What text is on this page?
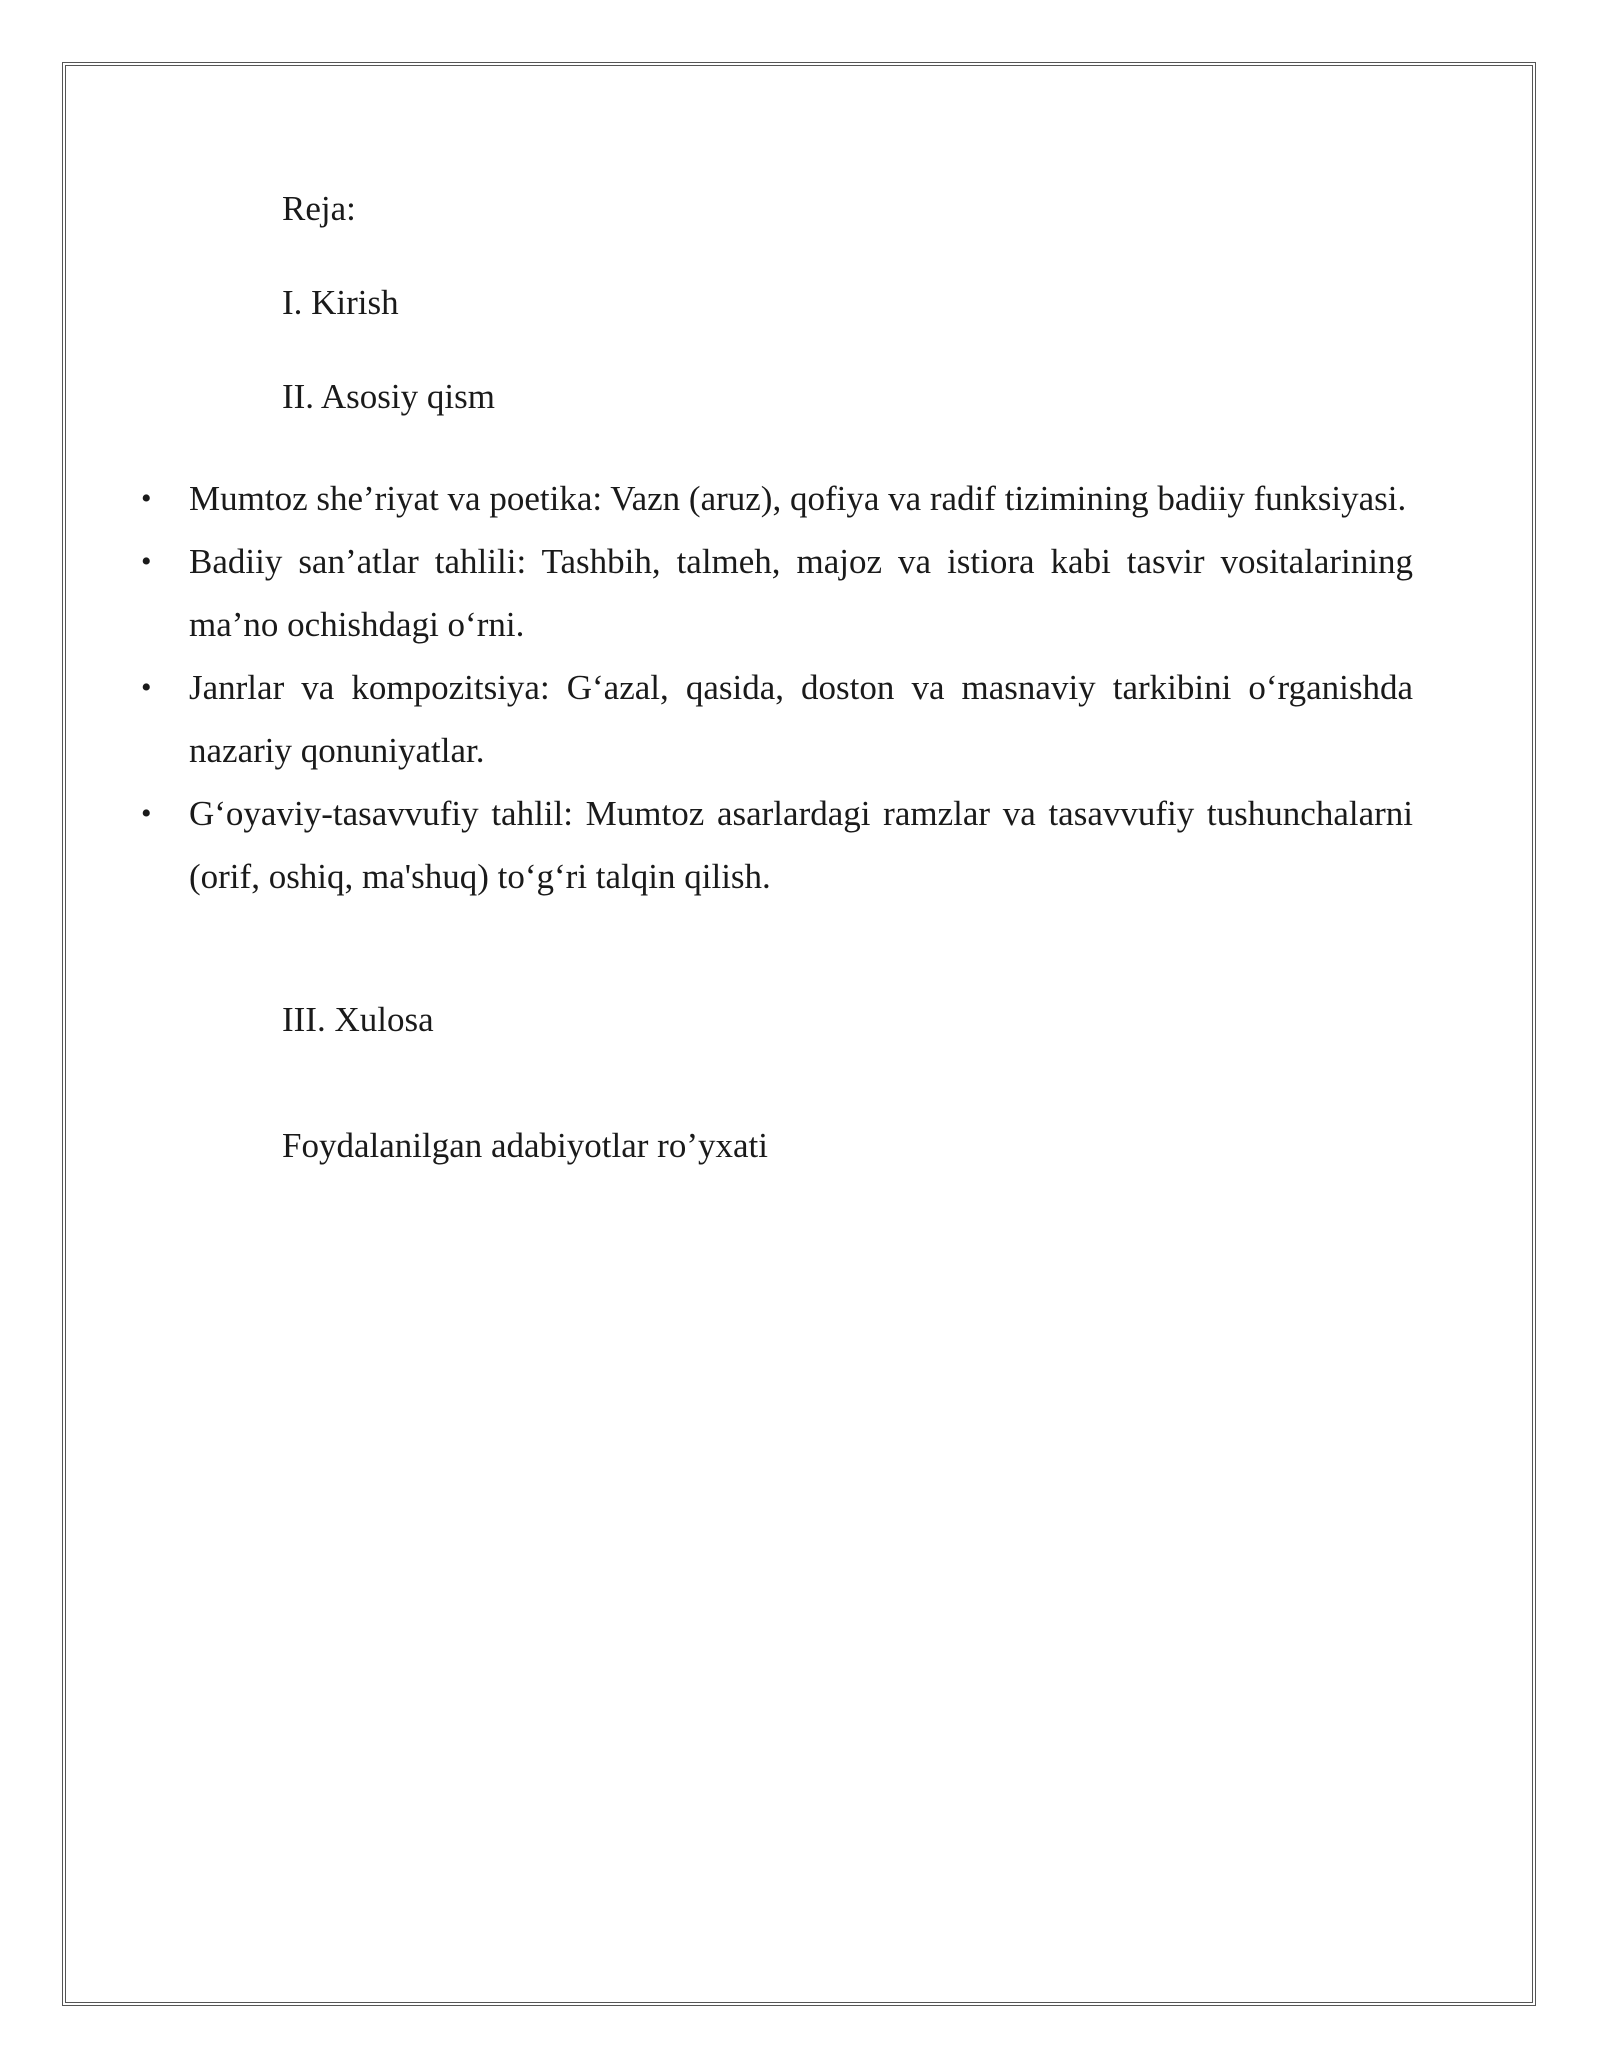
Reja:

I. Kirish

II. Asosiy qism

• Mumtoz she’riyat va poetika: Vazn (aruz), qofiya va radif tizimining badiiy funksiyasi.
• Badiiy san’atlar tahlili: Tashbih, talmeh, majoz va istiora kabi tasvir vositalarining ma’no ochishdagi o‘rni.
• Janrlar va kompozitsiya: G‘azal, qasida, doston va masnaviy tarkibini o‘rganishda nazariy qonuniyatlar.
• G‘oyaviy-tasavvufiy tahlil: Mumtoz asarlardagi ramzlar va tasavvufiy tushunchalarni (orif, oshiq, ma'shuq) to‘g‘ri talqin qilish.

III. Xulosa

Foydalanilgan adabiyotlar ro’yxati
